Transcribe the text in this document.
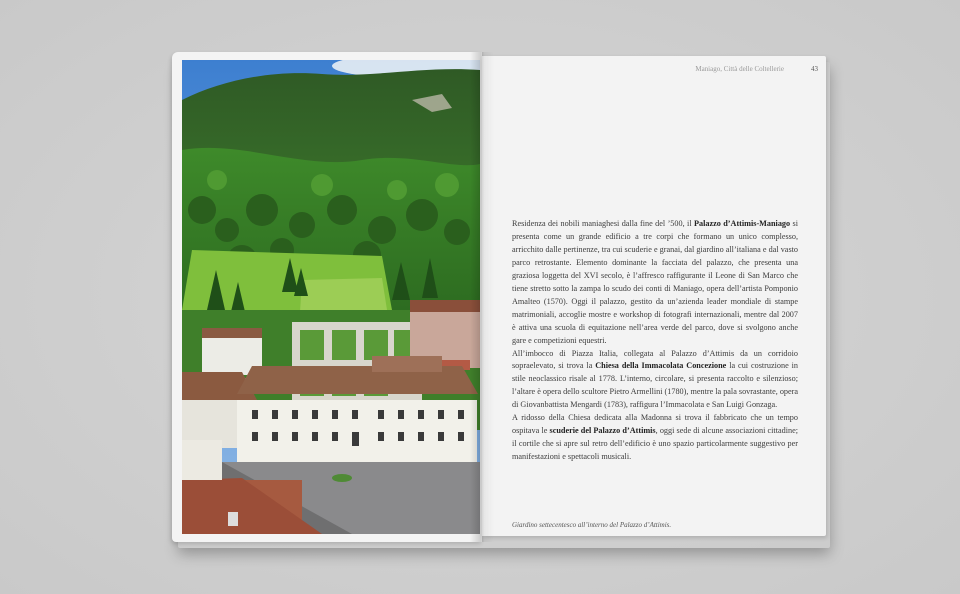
Maniago, Città delle Coltellerie	43

Residenza dei nobili maniaghesi dalla fine del ’500, il Palazzo d’Attimis-Maniago si presenta come un grande edificio a tre corpi che formano un unico complesso, arricchito dalle pertinenze, tra cui scuderie e granai, dal giardino all’italiana e dal vasto parco retrostante. Elemento dominante la facciata del palazzo, che presenta una graziosa loggetta del XVI secolo, è l’affresco raffigurante il Leone di San Marco che tiene stretto sotto la zampa lo scudo dei conti di Maniago, opera dell’artista Pomponio Amalteo (1570). Oggi il palazzo, gestito da un’azienda leader mondiale di stampe matrimoniali, accoglie mostre e workshop di fotografi internazionali, mentre dal 2007 è attiva una scuola di equitazione nell’area verde del parco, dove si svolgono anche gare e competizioni equestri.

All’imbocco di Piazza Italia, collegata al Palazzo d’Attimis da un corridoio sopraelevato, si trova la Chiesa della Immacolata Concezione la cui costruzione in stile neoclassico risale al 1778. L’interno, circolare, si presenta raccolto e silenzioso; l’altare è opera dello scultore Pietro Armellini (1780), mentre la pala sovrastante, opera di Giovanbattista Mengardi (1783), raffigura l’Immacolata e San Luigi Gonzaga.

A ridosso della Chiesa dedicata alla Madonna si trova il fabbricato che un tempo ospitava le scuderie del Palazzo d’Attimis, oggi sede di alcune associazioni cittadine; il cortile che si apre sul retro dell’edificio è uno spazio particolarmente suggestivo per manifestazioni e spettacoli musicali.

Giardino settecentesco all’interno del Palazzo d’Attimis.
